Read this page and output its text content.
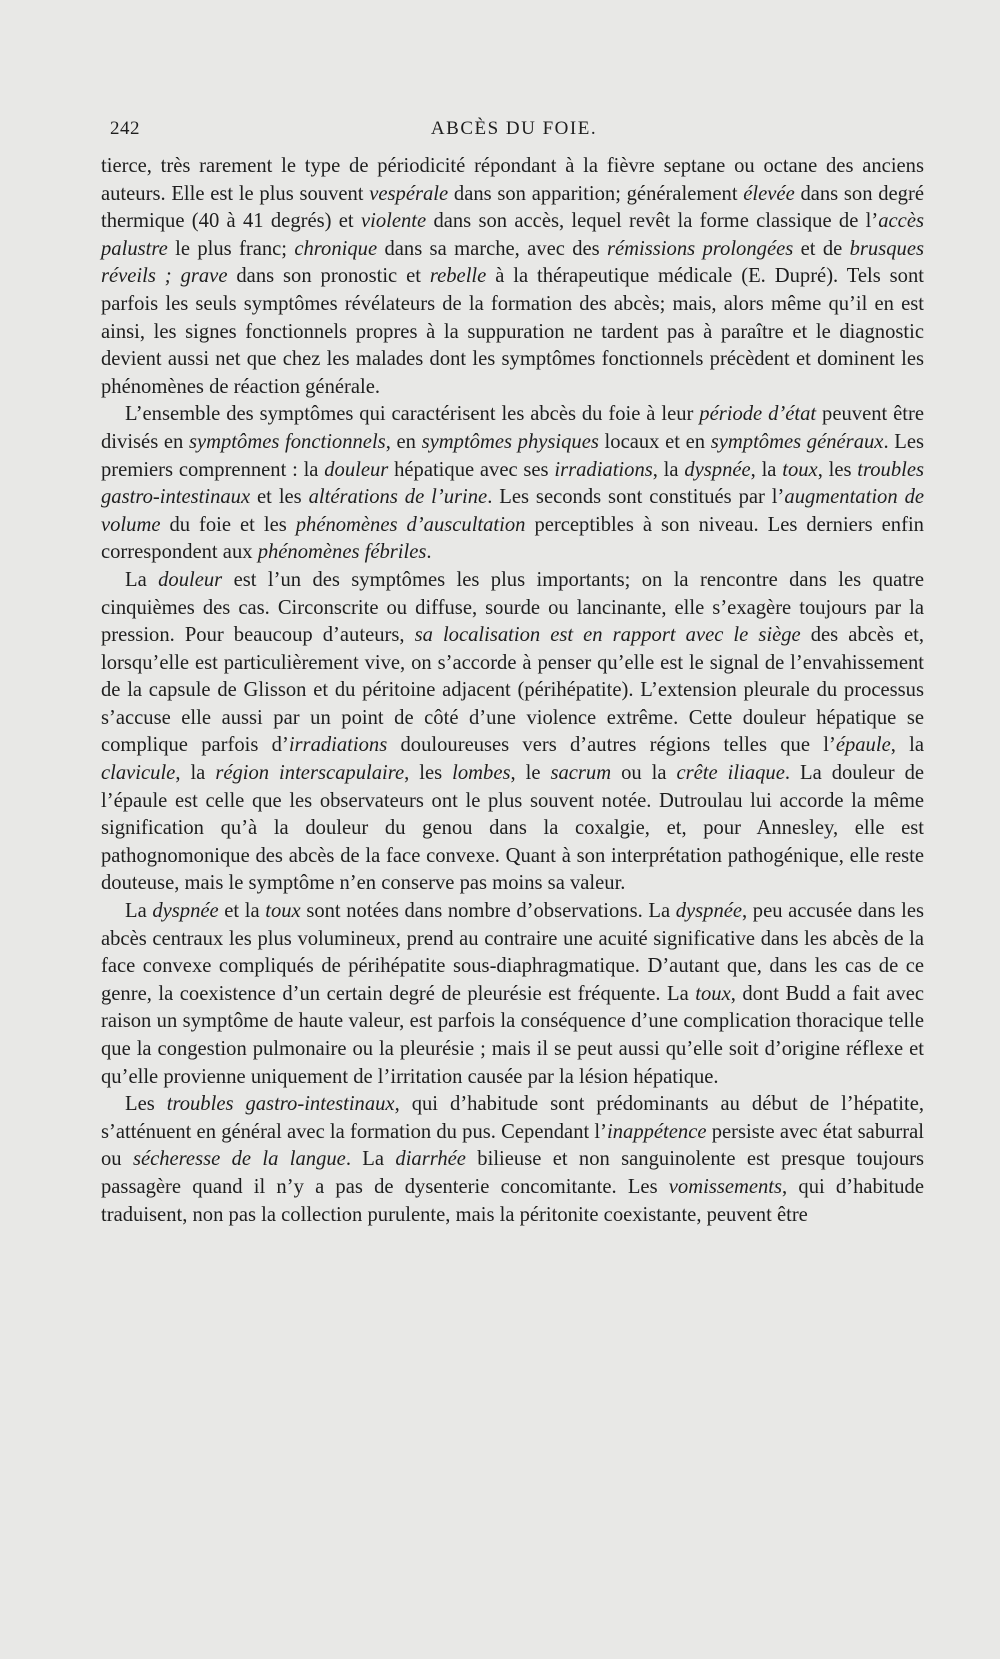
242	ABCÈS DU FOIE.

tierce, très rarement le type de périodicité répondant à la fièvre septane ou octane des anciens auteurs. Elle est le plus souvent vespérale dans son apparition; généralement élevée dans son degré thermique (40 à 41 degrés) et violente dans son accès, lequel revêt la forme classique de l’accès palustre le plus franc; chronique dans sa marche, avec des rémissions prolongées et de brusques réveils ; grave dans son pronostic et rebelle à la thérapeutique médicale (E. Dupré). Tels sont parfois les seuls symptômes révélateurs de la formation des abcès; mais, alors même qu’il en est ainsi, les signes fonctionnels propres à la suppuration ne tardent pas à paraître et le diagnostic devient aussi net que chez les malades dont les symptômes fonctionnels précèdent et dominent les phénomènes de réaction générale.

L’ensemble des symptômes qui caractérisent les abcès du foie à leur période d’état peuvent être divisés en symptômes fonctionnels, en symptômes physiques locaux et en symptômes généraux. Les premiers comprennent : la douleur hépatique avec ses irradiations, la dyspnée, la toux, les troubles gastro-intestinaux et les altérations de l’urine. Les seconds sont constitués par l’augmentation de volume du foie et les phénomènes d’auscultation perceptibles à son niveau. Les derniers enfin correspondent aux phénomènes fébriles.

La douleur est l’un des symptômes les plus importants; on la rencontre dans les quatre cinquièmes des cas. Circonscrite ou diffuse, sourde ou lancinante, elle s’exagère toujours par la pression. Pour beaucoup d’auteurs, sa localisation est en rapport avec le siège des abcès et, lorsqu’elle est particulièrement vive, on s’accorde à penser qu’elle est le signal de l’envahissement de la capsule de Glisson et du péritoine adjacent (périhépatite). L’extension pleurale du processus s’accuse elle aussi par un point de côté d’une violence extrême. Cette douleur hépatique se complique parfois d’irradiations douloureuses vers d’autres régions telles que l’épaule, la clavicule, la région interscapulaire, les lombes, le sacrum ou la crête iliaque. La douleur de l’épaule est celle que les observateurs ont le plus souvent notée. Dutroulau lui accorde la même signification qu’à la douleur du genou dans la coxalgie, et, pour Annesley, elle est pathognomonique des abcès de la face convexe. Quant à son interprétation pathogénique, elle reste douteuse, mais le symptôme n’en conserve pas moins sa valeur.

La dyspnée et la toux sont notées dans nombre d’observations. La dyspnée, peu accusée dans les abcès centraux les plus volumineux, prend au contraire une acuité significative dans les abcès de la face convexe compliqués de périhépatite sous-diaphragmatique. D’autant que, dans les cas de ce genre, la coexistence d’un certain degré de pleurésie est fréquente. La toux, dont Budd a fait avec raison un symptôme de haute valeur, est parfois la conséquence d’une complication thoracique telle que la congestion pulmonaire ou la pleurésie ; mais il se peut aussi qu’elle soit d’origine réflexe et qu’elle provienne uniquement de l’irritation causée par la lésion hépatique.

Les troubles gastro-intestinaux, qui d’habitude sont prédominants au début de l’hépatite, s’atténuent en général avec la formation du pus. Cependant l’inappétence persiste avec état saburral ou sécheresse de la langue. La diarrhée bilieuse et non sanguinolente est presque toujours passagère quand il n’y a pas de dysenterie concomitante. Les vomissements, qui d’habitude traduisent, non pas la collection purulente, mais la péritonite coexistante, peuvent être
